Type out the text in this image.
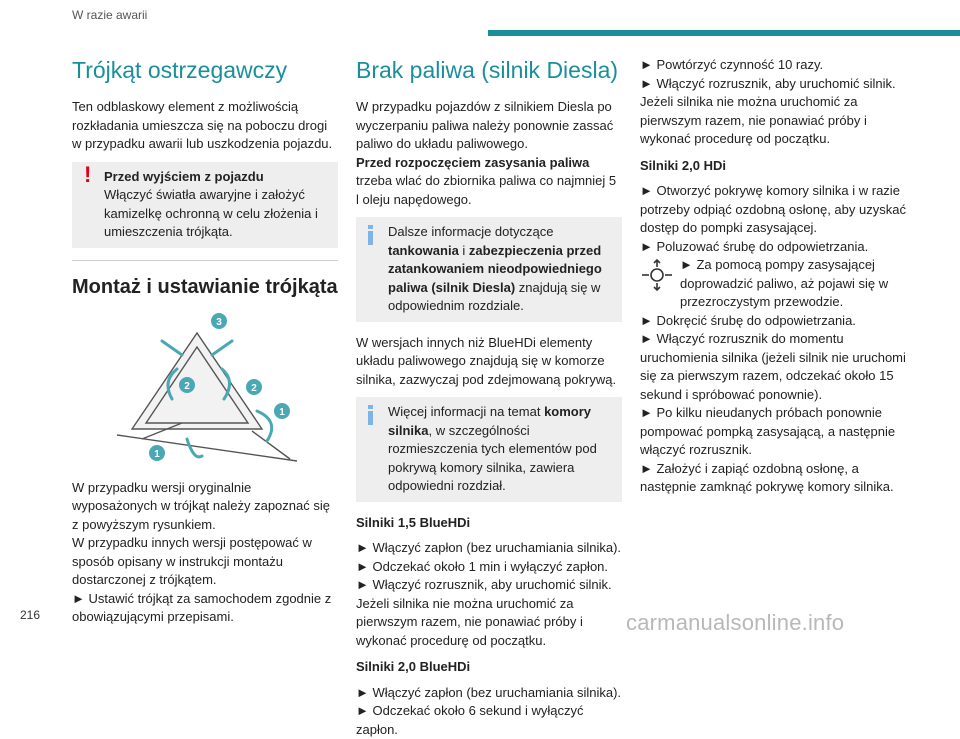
W razie awarii
Trójkąt ostrzegawczy

Ten odblaskowy element z możliwością rozkładania umieszcza się na poboczu drogi w przypadku awarii lub uszkodzenia pojazdu.

! Przed wyjściem z pojazdu
Włączyć światła awaryjne i założyć kamizelkę ochronną w celu złożenia i umieszczenia trójkąta.
Montaż i ustawianie trójkąta
3
2	2
1
1

W przypadku wersji oryginalnie wyposażonych w trójkąt należy zapoznać się z powyższym rysunkiem.

W przypadku innych wersji postępować w sposób opisany w instrukcji montażu dostarczonej z trójkątem.

► Ustawić trójkąt za samochodem zgodnie z obowiązującymi przepisami.

Brak paliwa (silnik Diesla)

W przypadku pojazdów z silnikiem Diesla po wyczerpaniu paliwa należy ponownie zassać paliwo do układu paliwowego.

Przed rozpoczęciem zasysania paliwa trzeba wlać do zbiornika paliwa co najmniej 5 l oleju napędowego.

Dalsze informacje dotyczące
tankowania i zabezpieczenia przed zatankowaniem nieodpowiedniego paliwa (silnik Diesla) znajdują się w odpowiednim rozdziale.

W wersjach innych niż BlueHDi elementy układu paliwowego znajdują się w komorze silnika, zazwyczaj pod zdejmowaną pokrywą.

Więcej informacji na temat komory silnika, w szczególności rozmieszczenia tych elementów pod pokrywą komory silnika, zawiera odpowiedni rozdział.
Silniki 1,5 BlueHDi
► Włączyć zapłon (bez uruchamiania silnika).
► Odczekać około 1 min i wyłączyć zapłon.
► Włączyć rozrusznik, aby uruchomić silnik.

Jeżeli silnika nie można uruchomić za pierwszym razem, nie ponawiać próby i wykonać procedurę od początku.

Silniki 2,0 BlueHDi
► Włączyć zapłon (bez uruchamiania silnika).
► Odczekać około 6 sekund i wyłączyć zapłon.
► Powtórzyć czynność 10 razy.
► Włączyć rozrusznik, aby uruchomić silnik.

Jeżeli silnika nie można uruchomić za pierwszym razem, nie ponawiać próby i wykonać procedurę od początku.

Silniki 2,0 HDi
► Otworzyć pokrywę komory silnika i w razie potrzeby odpiąć ozdobną osłonę, aby uzyskać dostęp do pompki zasysającej.
► Poluzować śrubę do odpowietrzania.
► Za pomocą pompy zasysającej doprowadzić paliwo, aż pojawi się w przezroczystym przewodzie.
► Dokręcić śrubę do odpowietrzania.
► Włączyć rozrusznik do momentu uruchomienia silnika (jeżeli silnik nie uruchomi się za pierwszym razem, odczekać około 15 sekund i spróbować ponownie).
► Po kilku nieudanych próbach ponownie pompować pompką zasysającą, a następnie włączyć rozrusznik.
► Założyć i zapiąć ozdobną osłonę, a następnie zamknąć pokrywę komory silnika.
216	carmanualsonline.info
